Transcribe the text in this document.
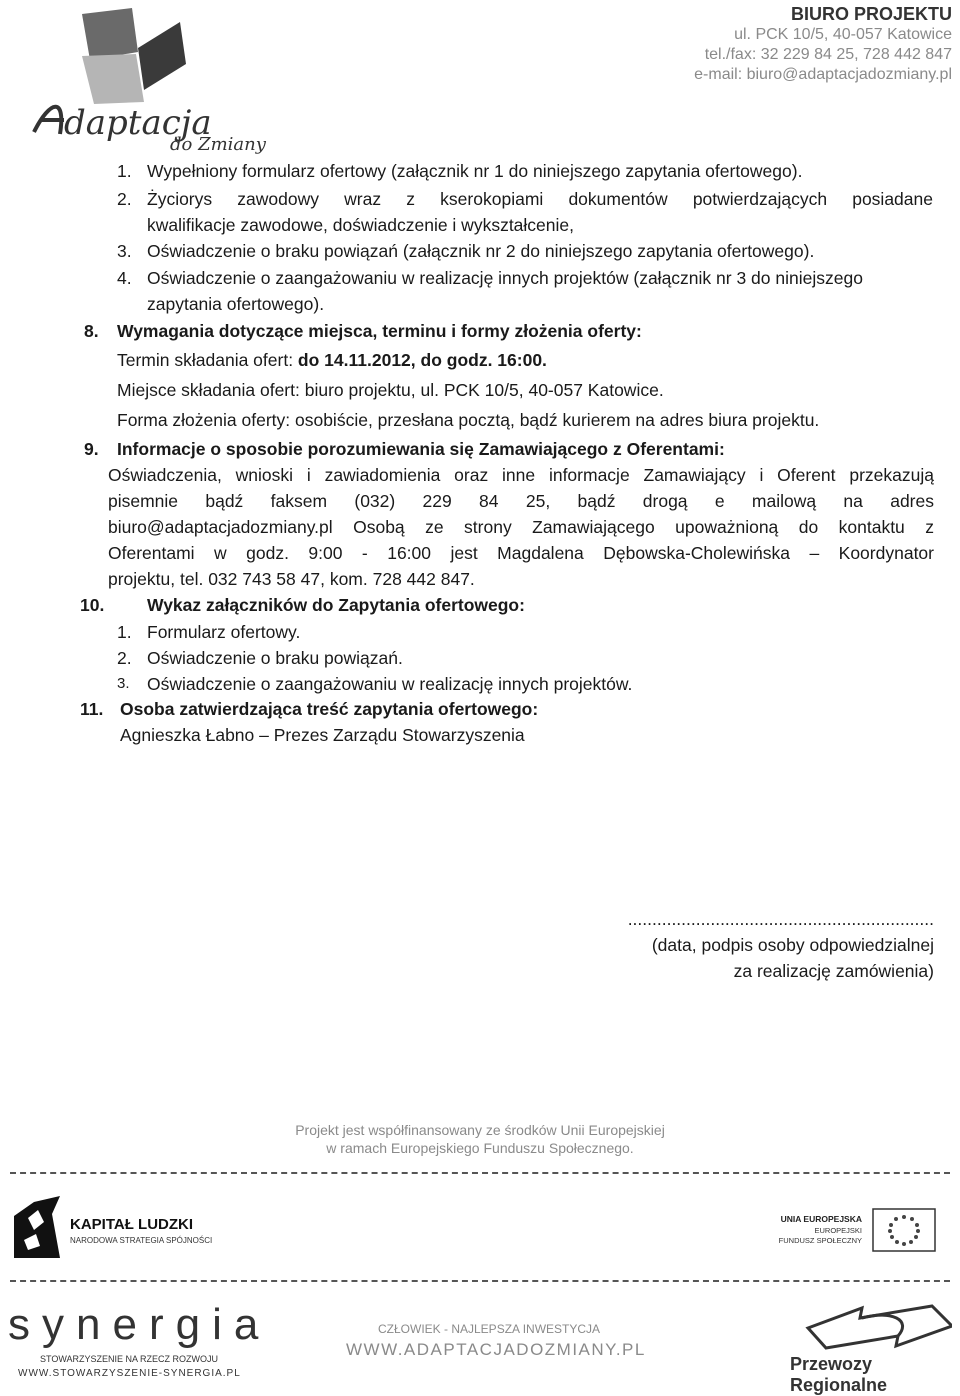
daptacja
do Zmiany
BIURO PROJEKTU
ul. PCK 10/5, 40-057 Katowice
tel./fax: 32 229 84 25, 728 442 847
e-mail: biuro@adaptacjadozmiany.pl
1. Wypełniony formularz ofertowy (załącznik nr 1 do niniejszego zapytania ofertowego).
2. Życiorys zawodowy wraz z kserokopiami dokumentów potwierdzających posiadane
kwalifikacje zawodowe, doświadczenie i wykształcenie,
3. Oświadczenie o braku powiązań (załącznik nr 2 do niniejszego zapytania ofertowego).
4. Oświadczenie o zaangażowaniu w realizację innych projektów (załącznik nr 3 do niniejszego
zapytania ofertowego).
8. Wymagania dotyczące miejsca, terminu i formy złożenia oferty:
Termin składania ofert: do 14.11.2012, do godz. 16:00.
Miejsce składania ofert: biuro projektu, ul. PCK 10/5, 40-057 Katowice.
Forma złożenia oferty: osobiście, przesłana pocztą, bądź kurierem na adres biura projektu.
9. Informacje o sposobie porozumiewania się Zamawiającego z Oferentami:
Oświadczenia, wnioski i zawiadomienia oraz inne informacje Zamawiający i Oferent przekazują
pisemnie bądź faksem (032) 229 84 25, bądź drogą e mailową na adres
biuro@adaptacjadozmiany.pl Osobą ze strony Zamawiającego upoważnioną do kontaktu z
Oferentami w godz. 9:00 - 16:00 jest Magdalena Dębowska-Cholewińska – Koordynator
projektu, tel. 032 743 58 47, kom. 728 442 847.
10. Wykaz załączników do Zapytania ofertowego:
1. Formularz ofertowy.
2. Oświadczenie o braku powiązań.
3. Oświadczenie o zaangażowaniu w realizację innych projektów.
11. Osoba zatwierdzająca treść zapytania ofertowego:
Agnieszka Łabno – Prezes Zarządu Stowarzyszenia
...............................................................
(data, podpis osoby odpowiedzialnej
za realizację zamówienia)
Projekt jest współfinansowany ze środków Unii Europejskiej
w ramach Europejskiego Funduszu Społecznego.
KAPITAŁ LUDZKI
NARODOWA STRATEGIA SPÓJNOŚCI
UNIA EUROPEJSKA
EUROPEJSKI
FUNDUSZ SPOŁECZNY
synergia
STOWARZYSZENIE NA RZECZ ROZWOJU
WWW.STOWARZYSZENIE-SYNERGIA.PL
CZŁOWIEK - NAJLEPSZA INWESTYCJA
WWW.ADAPTACJADOZMIANY.PL
Przewozy Regionalne
